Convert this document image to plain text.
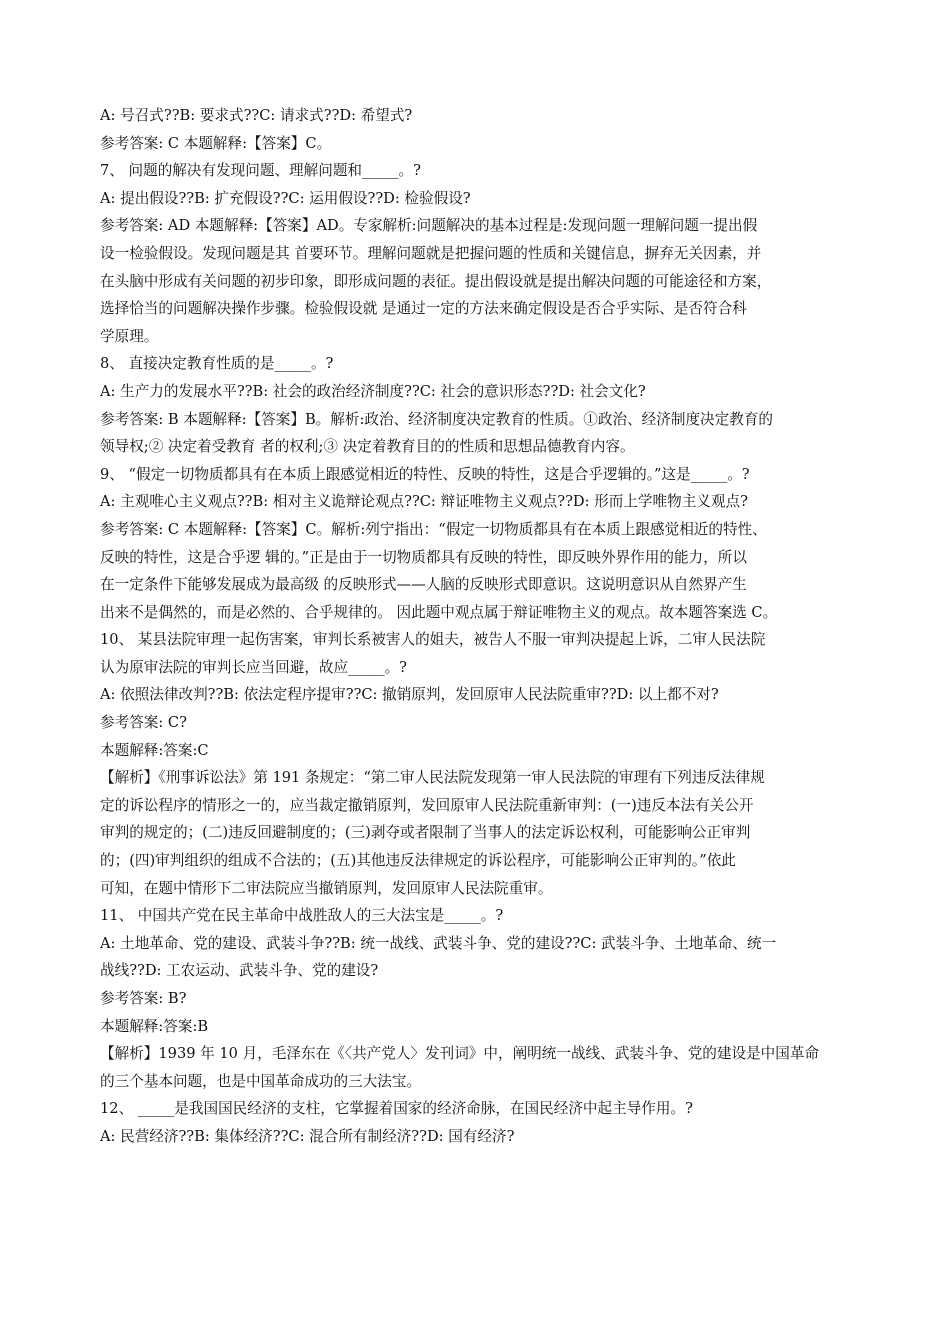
A: 号召式??B: 要求式??C: 请求式??D: 希望式?
参考答案: C 本题解释:【答案】C。
7、 问题的解决有发现问题、理解问题和_____。?
A: 提出假设??B: 扩充假设??C: 运用假设??D: 检验假设?
参考答案: AD 本题解释:【答案】AD。专家解析:问题解决的基本过程是:发现问题一理解问题一提出假
设一检验假设。发现问题是其 首要环节。理解问题就是把握问题的性质和关键信息，摒弃无关因素，并
在头脑中形成有关问题的初步印象，即形成问题的表征。提出假设就是提出解决问题的可能途径和方案，
选择恰当的问题解决操作步骤。检验假设就 是通过一定的方法来确定假设是否合乎实际、是否符合科
学原理。
8、 直接决定教育性质的是_____。?
A: 生产力的发展水平??B: 社会的政治经济制度??C: 社会的意识形态??D: 社会文化?
参考答案: B 本题解释:【答案】B。解析:政治、经济制度决定教育的性质。①政治、经济制度决定教育的
领导权;② 决定着受教育 者的权利;③ 决定着教育目的的性质和思想品德教育内容。
9、 “假定一切物质都具有在本质上跟感觉相近的特性、反映的特性，这是合乎逻辑的。”这是_____。?
A: 主观唯心主义观点??B: 相对主义诡辩论观点??C: 辩证唯物主义观点??D: 形而上学唯物主义观点?
参考答案: C 本题解释:【答案】C。解析:列宁指出：“假定一切物质都具有在本质上跟感觉相近的特性、
反映的特性，这是合乎逻 辑的。”正是由于一切物质都具有反映的特性，即反映外界作用的能力，所以
在一定条件下能够发展成为最高级 的反映形式——人脑的反映形式即意识。这说明意识从自然界产生
出来不是偶然的，而是必然的、合乎规律的。 因此题中观点属于辩证唯物主义的观点。故本题答案选 C。
10、 某县法院审理一起伤害案，审判长系被害人的姐夫，被告人不服一审判决提起上诉，二审人民法院
认为原审法院的审判长应当回避，故应_____。?
A: 依照法律改判??B: 依法定程序提审??C: 撤销原判，发回原审人民法院重审??D: 以上都不对?
参考答案: C?
本题解释:答案:C
【解析】《刑事诉讼法》第 191 条规定：“第二审人民法院发现第一审人民法院的审理有下列违反法律规
定的诉讼程序的情形之一的，应当裁定撤销原判，发回原审人民法院重新审判：(一)违反本法有关公开
审判的规定的；(二)违反回避制度的；(三)剥夺或者限制了当事人的法定诉讼权利，可能影响公正审判
的；(四)审判组织的组成不合法的；(五)其他违反法律规定的诉讼程序，可能影响公正审判的。”依此
可知，在题中情形下二审法院应当撤销原判，发回原审人民法院重审。
11、 中国共产党在民主革命中战胜敌人的三大法宝是_____。?
A: 土地革命、党的建设、武装斗争??B: 统一战线、武装斗争、党的建设??C: 武装斗争、土地革命、统一
战线??D: 工农运动、武装斗争、党的建设?
参考答案: B?
本题解释:答案:B
【解析】1939 年 10 月，毛泽东在《〈共产党人〉发刊词》中，阐明统一战线、武装斗争、党的建设是中国革命
的三个基本问题，也是中国革命成功的三大法宝。
12、 _____是我国国民经济的支柱，它掌握着国家的经济命脉，在国民经济中起主导作用。?
A: 民营经济??B: 集体经济??C: 混合所有制经济??D: 国有经济?
